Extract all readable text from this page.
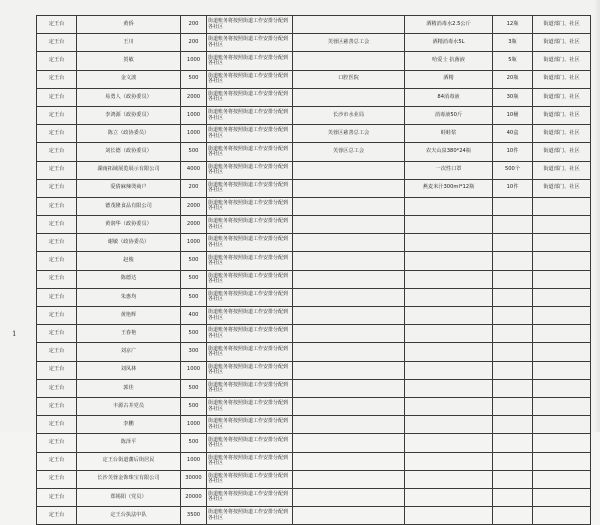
定王台	黄侨	200	街道账务将按照街道工作安排分配到各社区		酒精消毒水2.5公斤	12瓶	街道部门、社区
定王台	王川	200	街道账务将按照街道工作安排分配到各社区	芙蓉区慈善总工会	酒精消毒水5L	3瓶	街道部门、社区
定王台	贺敏	1000	街道账务将按照街道工作安排分配到各社区		哈爱士 抗菌液	5瓶	街道部门、社区
定王台	金文波	500	街道账务将按照街道工作安排分配到各社区	口腔医院	酒精	20瓶	街道部门、社区
定王台	易勇人（政协委员）	2000	街道账务将按照街道工作安排分配到各社区		84消毒液	30瓶	街道部门、社区
定王台	李鸿源（政协委员）	1000	街道账务将按照街道工作安排分配到各社区	长沙市水业局	消毒液50斤	10桶	街道部门、社区
定王台	陈立（政协委员）	1000	街道账务将按照街道工作安排分配到各社区	芙蓉区慈善总工会	蛙蛙浆	40盒	街道部门、社区
定王台	刘长德（政协委员）	500	街道账务将按照街道工作安排分配到各社区	芙蓉区总工会	农夫山泉380*24瓶	10件	街道部门、社区
定王台	湖南拓域展览展示有限公司	4000	街道账务将按照街道工作安排分配到各社区		一次性口罩	500个	街道部门、社区
定王台	爱倩麻辣烫商户	200	街道账务将按照街道工作安排分配到各社区		燕麦米汁300ml*12瓶	10件	街道部门、社区
定王台	德茂隆食品有限公司	2000	街道账务将按照街道工作安排分配到各社区				
定王台	黄润华（政协委员）	2000	街道账务将按照街道工作安排分配到各社区				
定王台	谢敏（政协委员）	1000	街道账务将按照街道工作安排分配到各社区				
定王台	赵俊	500	街道账务将按照街道工作安排分配到各社区				
定王台	陈德达	500	街道账务将按照街道工作安排分配到各社区				
定王台	朱惠均	500	街道账务将按照街道工作安排分配到各社区				
定王台	黄艳辉	400	街道账务将按照街道工作安排分配到各社区				
定王台	王春艳	500	街道账务将按照街道工作安排分配到各社区				
定王台	刘京广	300	街道账务将按照街道工作安排分配到各社区				
定王台	刘凤林	1000	街道账务将按照街道工作安排分配到各社区				
定王台	郭佳	500	街道账务将按照街道工作安排分配到各社区				
定王台	丰源古井党员	500	街道账务将按照街道工作安排分配到各社区				
定王台	李鹏	1000	街道账务将按照街道工作安排分配到各社区				
定王台	陈泽平	500	街道账务将按照街道工作安排分配到各社区				
定王台	定王台街道藩后街居民	1000	街道账务将按照街道工作安排分配到各社区				
定王台	长沙芙蓉金饰珠宝有限公司	30000	街道账务将按照街道工作安排分配到各社区				
定王台	郑锡阳（党员）	20000	街道账务将按照街道工作安排分配到各社区				
定王台	定王台执法中队	3500	街道账务将按照街道工作安排分配到各社区				
1
